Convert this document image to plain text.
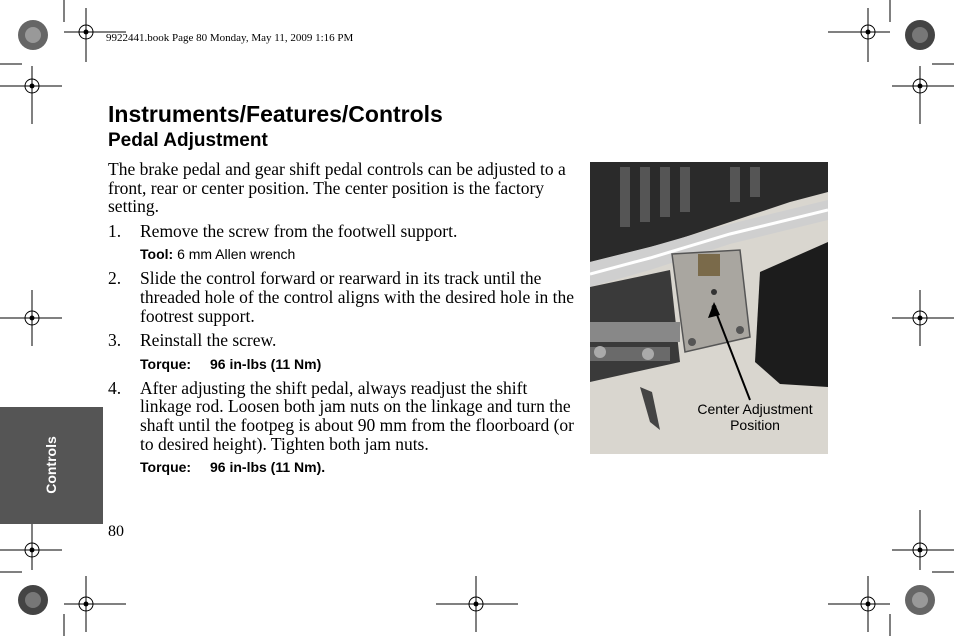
9922441.book Page 80 Monday, May 11, 2009 1:16 PM
Instruments/Features/Controls
Pedal Adjustment

The brake pedal and gear shift pedal controls can be adjusted to a front, rear or center position. The center position is the factory setting.

1. Remove the screw from the footwell support.
Tool: 6 mm Allen wrench
2. Slide the control forward or rearward in its track until the threaded hole of the control aligns with the desired hole in the footrest support.
3. Reinstall the screw.
Torque: 96 in-lbs (11 Nm)
4. After adjusting the shift pedal, always readjust the shift linkage rod. Loosen both jam nuts on the linkage and turn the shaft until the footpeg is about 90 mm from the floorboard (or to desired height). Tighten both jam nuts.
Torque: 96 in-lbs (11 Nm).
Center Adjustment
Position
Controls
80
